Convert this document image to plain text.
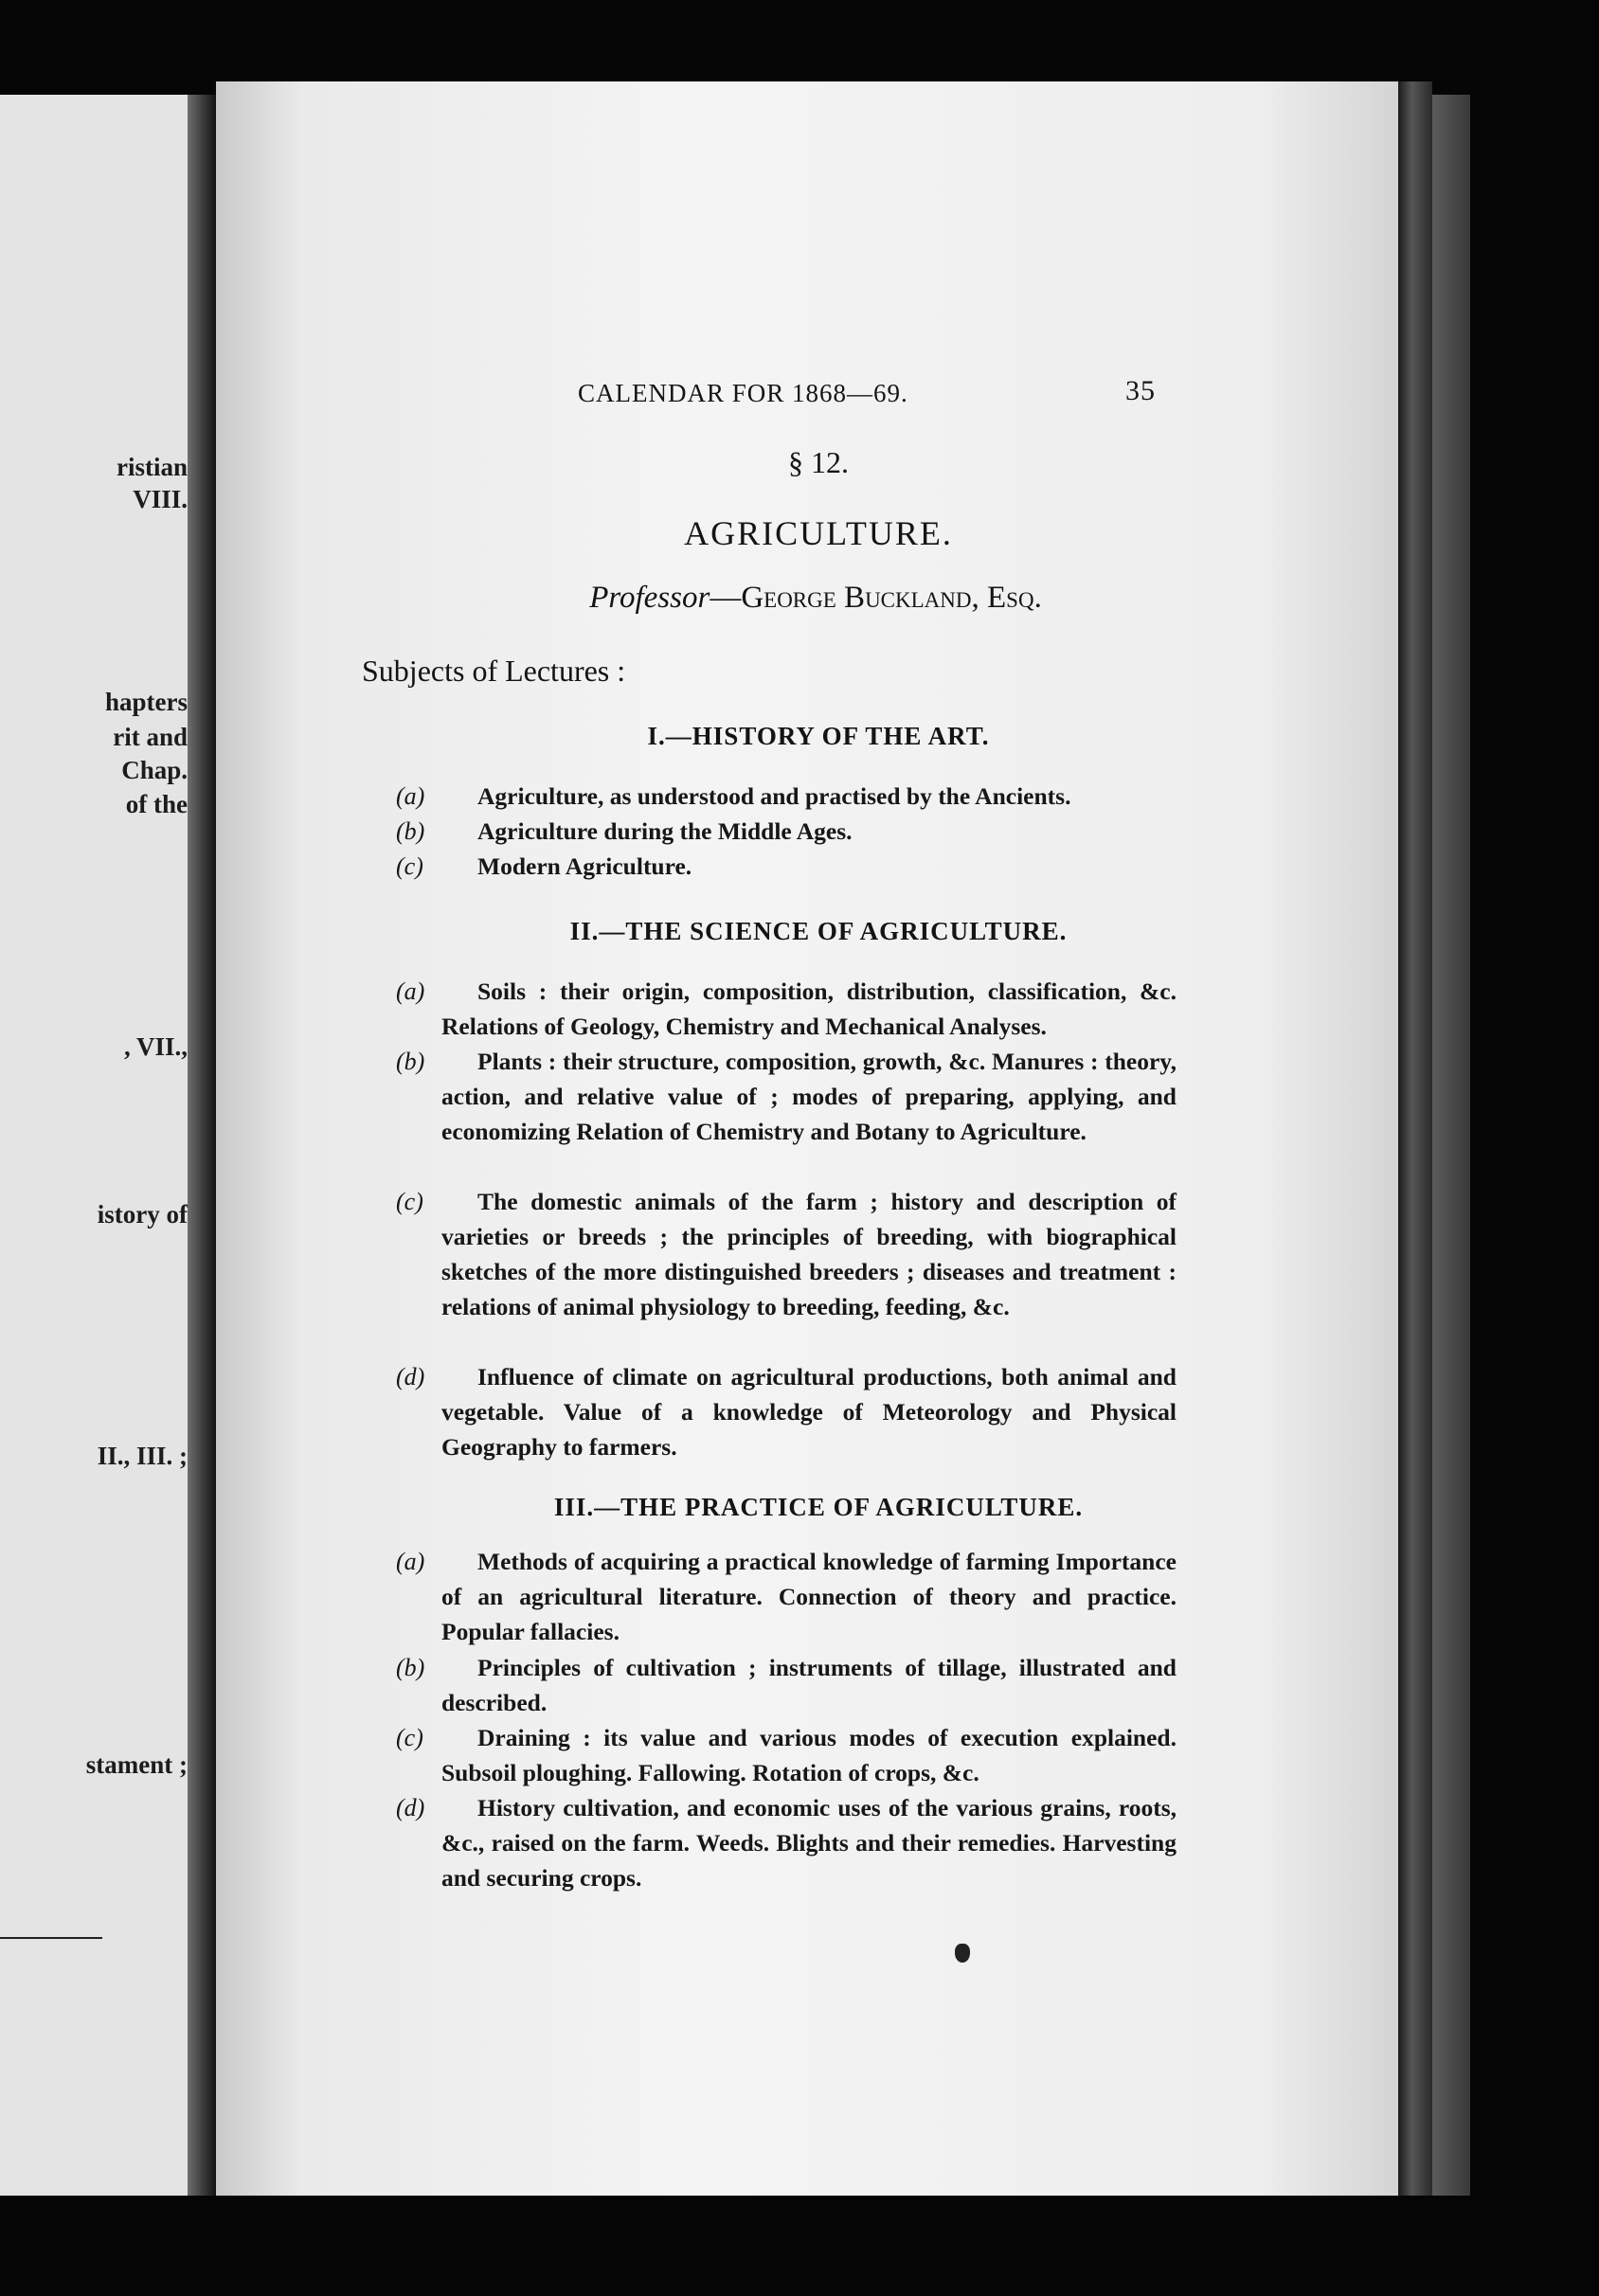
ristian
VIII.
hapters
rit and
Chap.
of the
, VII.,
istory of
II., III. ;
stament ;
CALENDAR FOR 1868—69.	35
§ 12.
AGRICULTURE.
Professor—George Buckland, Esq.
Subjects of Lectures :
I.—HISTORY OF THE ART.
(a)	Agriculture, as understood and practised by the Ancients.
(b)	Agriculture during the Middle Ages.
(c)	Modern Agriculture.
II.—THE SCIENCE OF AGRICULTURE.
(a)	Soils : their origin, composition, distribution, classification, &c. Relations of Geology, Chemistry and Mechanical Analyses.
(b)	Plants : their structure, composition, growth, &c. Manures : theory, action, and relative value of ; modes of preparing, applying, and economizing Relation of Chemistry and Botany to Agriculture.
(c)	The domestic animals of the farm ; history and description of varieties or breeds ; the principles of breeding, with biographical sketches of the more distinguished breeders ; diseases and treatment : relations of animal physiology to breeding, feeding, &c.
(d)	Influence of climate on agricultural productions, both animal and vegetable. Value of a knowledge of Meteorology and Physical Geography to farmers.
III.—THE PRACTICE OF AGRICULTURE.
(a)	Methods of acquiring a practical knowledge of farming Importance of an agricultural literature. Connection of theory and practice. Popular fallacies.
(b)	Principles of cultivation ; instruments of tillage, illustrated and described.
(c)	Draining : its value and various modes of execution explained. Subsoil ploughing. Fallowing. Rotation of crops, &c.
(d)	History cultivation, and economic uses of the various grains, roots, &c., raised on the farm. Weeds. Blights and their remedies. Harvesting and securing crops.
